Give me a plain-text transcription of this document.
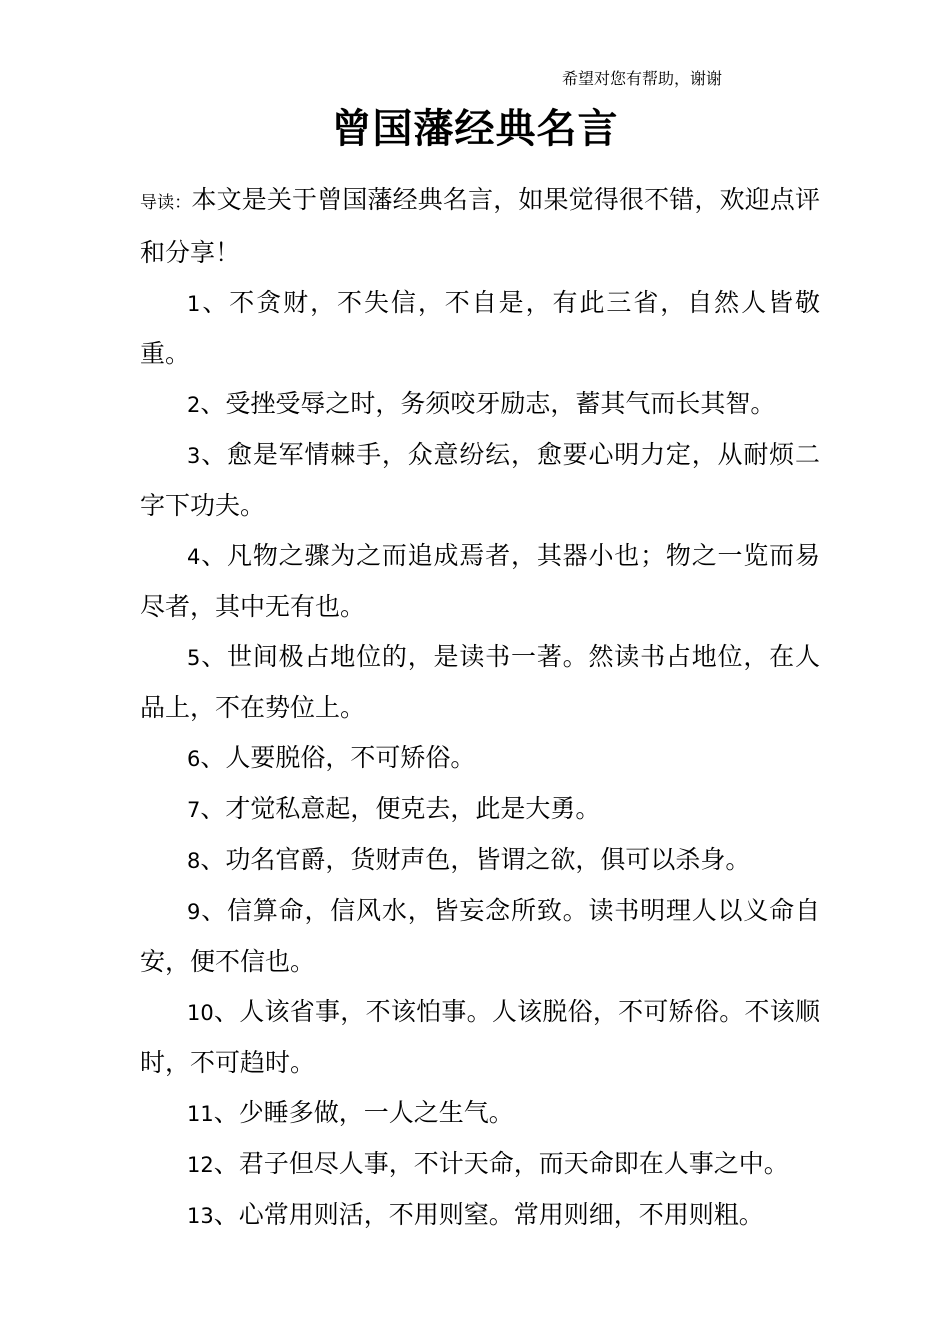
希望对您有帮助，谢谢
曾国藩经典名言

导读：本文是关于曾国藩经典名言，如果觉得很不错，欢迎点评和分享！

1、不贪财，不失信，不自是，有此三省，自然人皆敬重。

2、受挫受辱之时，务须咬牙励志，蓄其气而长其智。

3、愈是军情棘手，众意纷纭，愈要心明力定，从耐烦二字下功夫。

4、凡物之骤为之而追成焉者，其器小也；物之一览而易尽者，其中无有也。

5、世间极占地位的，是读书一著。然读书占地位，在人品上，不在势位上。

6、人要脱俗，不可矫俗。

7、才觉私意起，便克去，此是大勇。

8、功名官爵，货财声色，皆谓之欲，俱可以杀身。

9、信算命，信风水，皆妄念所致。读书明理人以义命自安，便不信也。

10、人该省事，不该怕事。人该脱俗，不可矫俗。不该顺时，不可趋时。

11、少睡多做，一人之生气。

12、君子但尽人事，不计天命，而天命即在人事之中。

13、心常用则活，不用则窒。常用则细，不用则粗。
